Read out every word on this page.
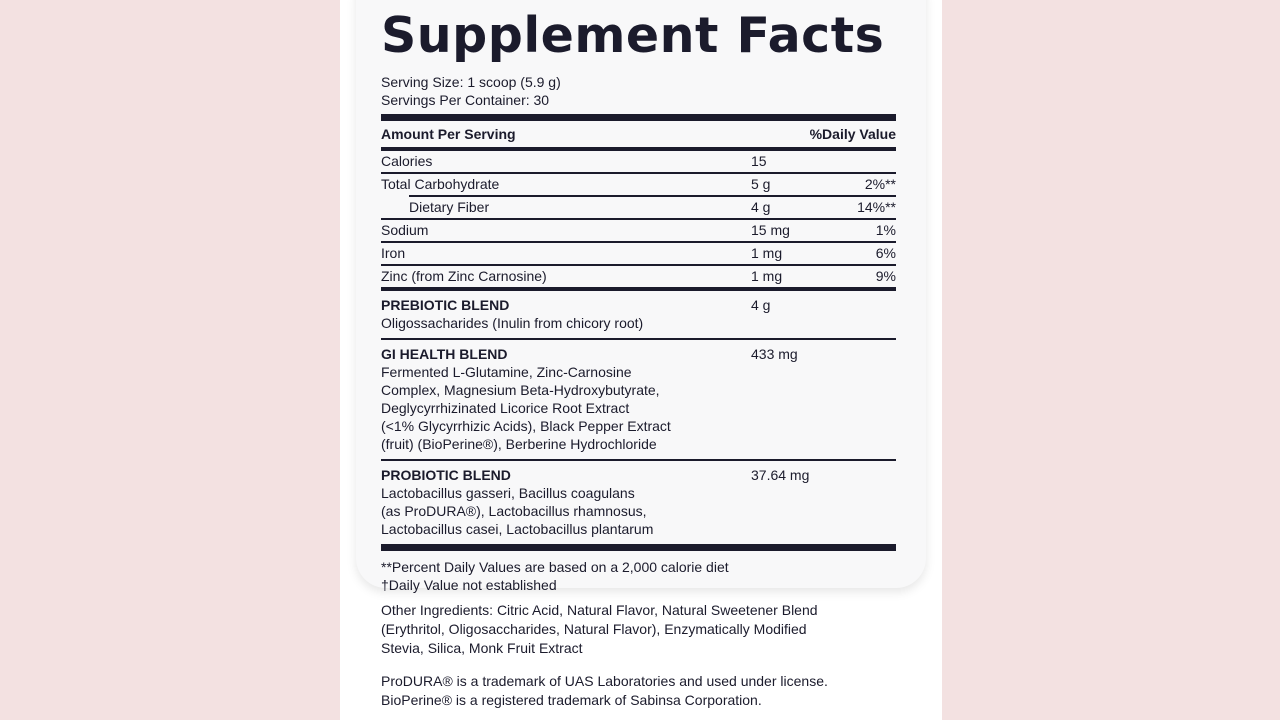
Supplement Facts
Serving Size: 1 scoop (5.9 g)
Servings Per Container: 30
Amount Per Serving	%Daily Value
Calories	15
Total Carbohydrate	5 g	2%**
Dietary Fiber	4 g	14%**
Sodium	15 mg	1%
Iron	1 mg	6%
Zinc (from Zinc Carnosine)	1 mg	9%
PREBIOTIC BLEND	4 g
Oligossacharides (Inulin from chicory root)
GI HEALTH BLEND	433 mg
Fermented L-Glutamine, Zinc-Carnosine
Complex, Magnesium Beta-Hydroxybutyrate,
Deglycyrrhizinated Licorice Root Extract
(<1% Glycyrrhizic Acids), Black Pepper Extract
(fruit) (BioPerine®), Berberine Hydrochloride
PROBIOTIC BLEND	37.64 mg
Lactobacillus gasseri, Bacillus coagulans
(as ProDURA®), Lactobacillus rhamnosus,
Lactobacillus casei, Lactobacillus plantarum
**Percent Daily Values are based on a 2,000 calorie diet
†Daily Value not established
Other Ingredients: Citric Acid, Natural Flavor, Natural Sweetener Blend
(Erythritol, Oligosaccharides, Natural Flavor), Enzymatically Modified
Stevia, Silica, Monk Fruit Extract
ProDURA® is a trademark of UAS Laboratories and used under license.
BioPerine® is a registered trademark of Sabinsa Corporation.
